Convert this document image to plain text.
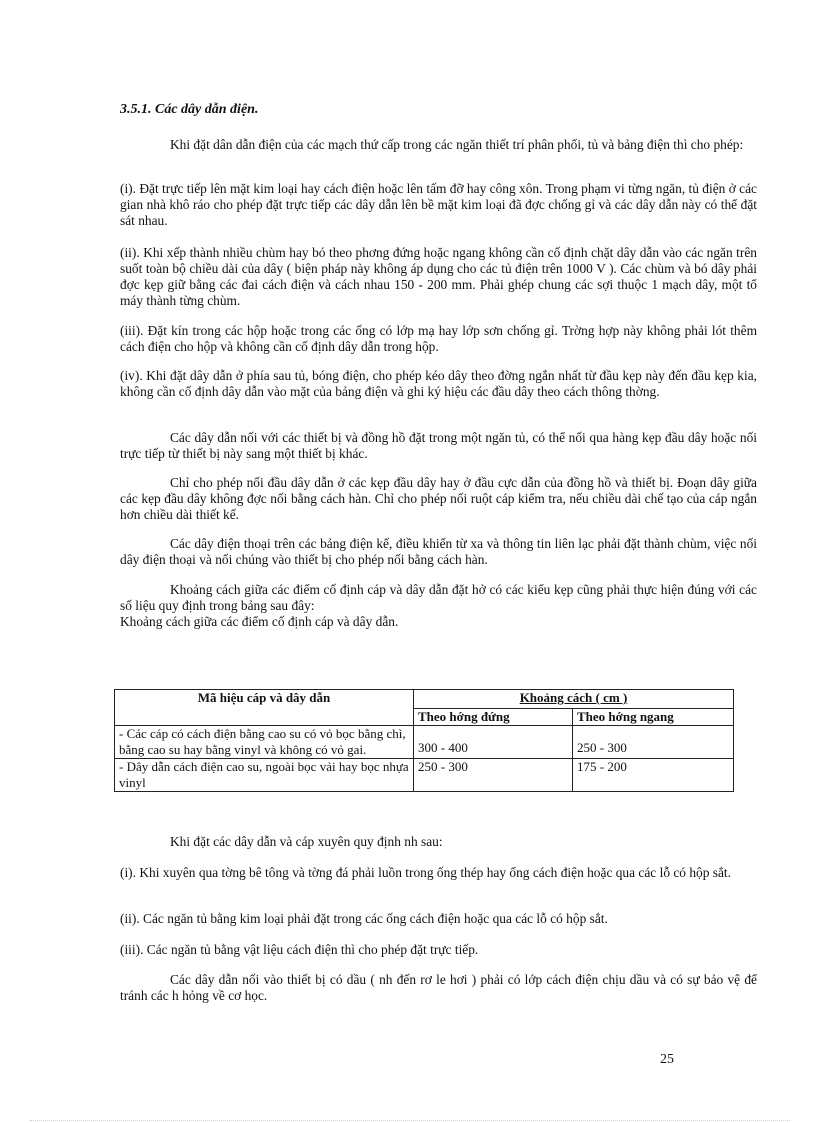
3.5.1. Các dây dẫn điện.
Khi đặt dân dẫn điện của các mạch thứ cấp trong các ngăn thiết trí phân phối, tủ và bảng điện thì cho phép:
(i). Đặt trực tiếp lên mặt kim loại hay cách điện hoặc lên tấm đỡ hay công xôn. Trong phạm vi từng ngăn, tủ điện ở các gian nhà khô ráo cho phép đặt trực tiếp các dây dẫn lên bề mặt kim loại đã đợc chống gỉ và các dây dẫn này có thể đặt sát nhau.
(ii). Khi xếp thành nhiều chùm hay bó theo phơng đứng hoặc ngang không cần cố định chặt dây dẫn vào các ngăn trên suốt toàn bộ chiều dài của dây ( biện pháp này không áp dụng cho các tủ điện trên 1000 V ). Các chùm và bó dây phải đợc kẹp giữ bằng các đai cách điện và cách nhau 150 - 200 mm. Phải ghép chung các sợi thuộc 1 mạch dây, một tổ máy thành từng chùm.
(iii). Đặt kín trong các hộp hoặc trong các ống có lớp mạ hay lớp sơn chống gỉ. Trờng hợp này không phải lót thêm cách điện cho hộp và không cần cố định dây dẫn trong hộp.
(iv). Khi đặt dây dẫn ở phía sau tủ, bóng điện, cho phép kéo dây theo đờng ngắn nhất từ đầu kẹp này đến đầu kẹp kia, không cần cố định dây dẫn vào mặt của bảng điện và ghi ký hiệu các đầu dây theo cách thông thờng.
Các dây dẫn nối với các thiết bị và đồng hồ đặt trong một ngăn tủ, có thể nối qua hàng kẹp đầu dây hoặc nối trực tiếp từ thiết bị này sang một thiết bị khác.
Chỉ cho phép nối đầu dây dẫn ở các kẹp đầu dây hay ở đầu cực dẫn của đồng hồ và thiết bị. Đoạn dây giữa các kẹp đầu dây không đợc nối bằng cách hàn. Chỉ cho phép nối ruột cáp kiểm tra, nếu chiều dài chế tạo của cáp ngắn hơn chiều dài thiết kế.
Các dây điện thoại trên các bảng điện kế, điều khiển từ xa và thông tin liên lạc phải đặt thành chùm, việc nối dây điện thoại và nối chúng vào thiết bị cho phép nối bằng cách hàn.
Khoảng cách giữa các điểm cố định cáp và dây dẫn đặt hở có các kiểu kẹp cũng phải thực hiện đúng với các số liệu quy định trong bảng sau đây:
Khoảng cách giữa các điểm cố định cáp và dây dẫn.
Mã hiệu cáp và dây dẫn	Khoảng cách ( cm )	
	Theo hớng đứng	Theo hớng ngang
- Các cáp có cách điện bằng cao su có vỏ bọc bằng chì, bằng cao su hay bằng vinyl và không có vỏ gai.	300 - 400	250 - 300
- Dây dẫn cách điện cao su, ngoài bọc vải hay bọc nhựa vinyl	250 - 300	175 - 200
Khi đặt các dây dẫn và cáp xuyên quy định nh sau:
(i). Khi xuyên qua tờng bê tông và tờng đá phải luồn trong ống thép hay ống cách điện hoặc qua các lỗ có hộp sắt.
(ii). Các ngăn tủ bằng kim loại phải đặt trong các ống cách điện hoặc qua các lỗ có hộp sắt.
(iii). Các ngăn tủ bằng vật liệu cách điện thì cho phép đặt trực tiếp.
Các dây dẫn nối vào thiết bị có dầu ( nh đến rơ le hơi ) phải có lớp cách điện chịu dầu và có sự bảo vệ để tránh các h hỏng về cơ học.
25
